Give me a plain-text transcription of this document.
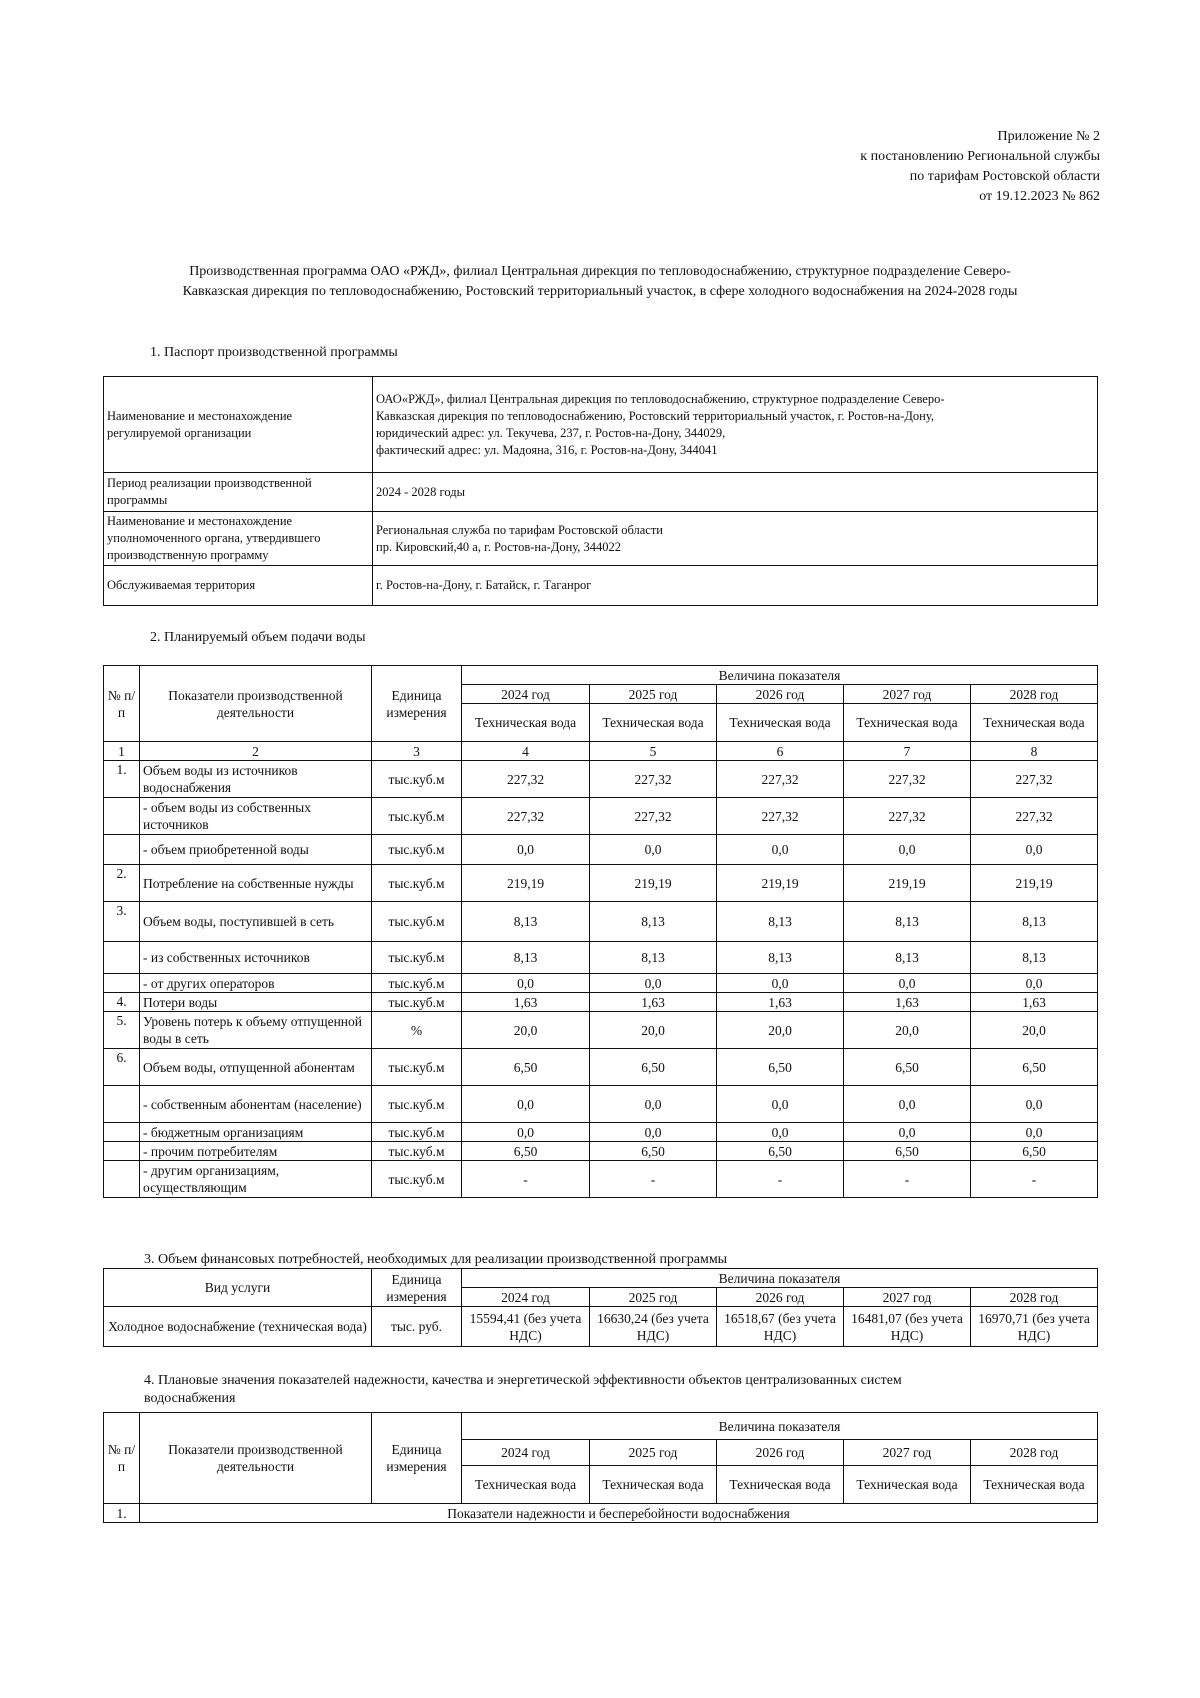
Приложение № 2
к постановлению Региональной службы
по тарифам Ростовской области
от 19.12.2023 № 862
Производственная программа ОАО «РЖД», филиал Центральная дирекция по тепловодоснабжению, структурное подразделение Северо-
Кавказская дирекция по тепловодоснабжению, Ростовский территориальный участок, в сфере холодного водоснабжения на 2024-2028 годы
1. Паспорт производственной программы
Наименование и местонахождение регулируемой организации	ОАО«РЖД», филиал Центральная дирекция по тепловодоснабжению, структурное подразделение Северо-
Кавказская дирекция по тепловодоснабжению, Ростовский территориальный участок, г. Ростов-на-Дону,
юридический адрес: ул. Текучева, 237, г. Ростов-на-Дону, 344029,
фактический адрес: ул. Мадояна, 316, г. Ростов-на-Дону, 344041

Период реализации производственной программы	2024 - 2028 годы
Наименование и местонахождение уполномоченного органа, утвердившего производственную программу	Региональная служба по тарифам Ростовской области
пр. Кировский,40 а, г. Ростов-на-Дону, 344022

Обслуживаемая территория	г. Ростов-на-Дону, г. Батайск, г. Таганрог
2. Планируемый объем подачи воды
№ п/п	Показатели производственной деятельности	Единица измерения	Величина показателя				
			2024 год	2025 год	2026 год	2027 год	2028 год
			Техническая вода	Техническая вода	Техническая вода	Техническая вода	Техническая вода
1	2	3	4	5	6	7	8
1.	Объем воды из источников водоснабжения	тыс.куб.м	227,32	227,32	227,32	227,32	227,32
	- объем воды из собственных источников	тыс.куб.м	227,32	227,32	227,32	227,32	227,32
	- объем приобретенной воды	тыс.куб.м	0,0	0,0	0,0	0,0	0,0
2.	Потребление на собственные нужды	тыс.куб.м	219,19	219,19	219,19	219,19	219,19
3.	Объем воды, поступившей в сеть	тыс.куб.м	8,13	8,13	8,13	8,13	8,13
	- из собственных источников	тыс.куб.м	8,13	8,13	8,13	8,13	8,13
	- от других операторов	тыс.куб.м	0,0	0,0	0,0	0,0	0,0
4.	Потери воды	тыс.куб.м	1,63	1,63	1,63	1,63	1,63
5.	Уровень потерь к объему отпущенной воды в сеть	%	20,0	20,0	20,0	20,0	20,0
6.	Объем воды, отпущенной абонентам	тыс.куб.м	6,50	6,50	6,50	6,50	6,50
	- собственным абонентам (население)	тыс.куб.м	0,0	0,0	0,0	0,0	0,0
	- бюджетным организациям	тыс.куб.м	0,0	0,0	0,0	0,0	0,0
	- прочим потребителям	тыс.куб.м	6,50	6,50	6,50	6,50	6,50
	- другим организациям, осуществляющим	тыс.куб.м	-	-	-	-	-
3. Объем финансовых потребностей, необходимых для реализации производственной программы
Вид услуги	Единица измерения	Величина показателя				
		2024 год	2025 год	2026 год	2027 год	2028 год
Холодное водоснабжение (техническая вода)	тыс. руб.	15594,41 (без учета НДС)	16630,24 (без учета НДС)	16518,67 (без учета НДС)	16481,07 (без учета НДС)	16970,71 (без учета НДС)
4. Плановые значения показателей надежности, качества и энергетической эффективности объектов централизованных систем
водоснабжения
№ п/п	Показатели производственной деятельности	Единица измерения	Величина показателя				
			2024 год	2025 год	2026 год	2027 год	2028 год
			Техническая вода	Техническая вода	Техническая вода	Техническая вода	Техническая вода
1.	Показатели надежности и бесперебойности водоснабжения						
